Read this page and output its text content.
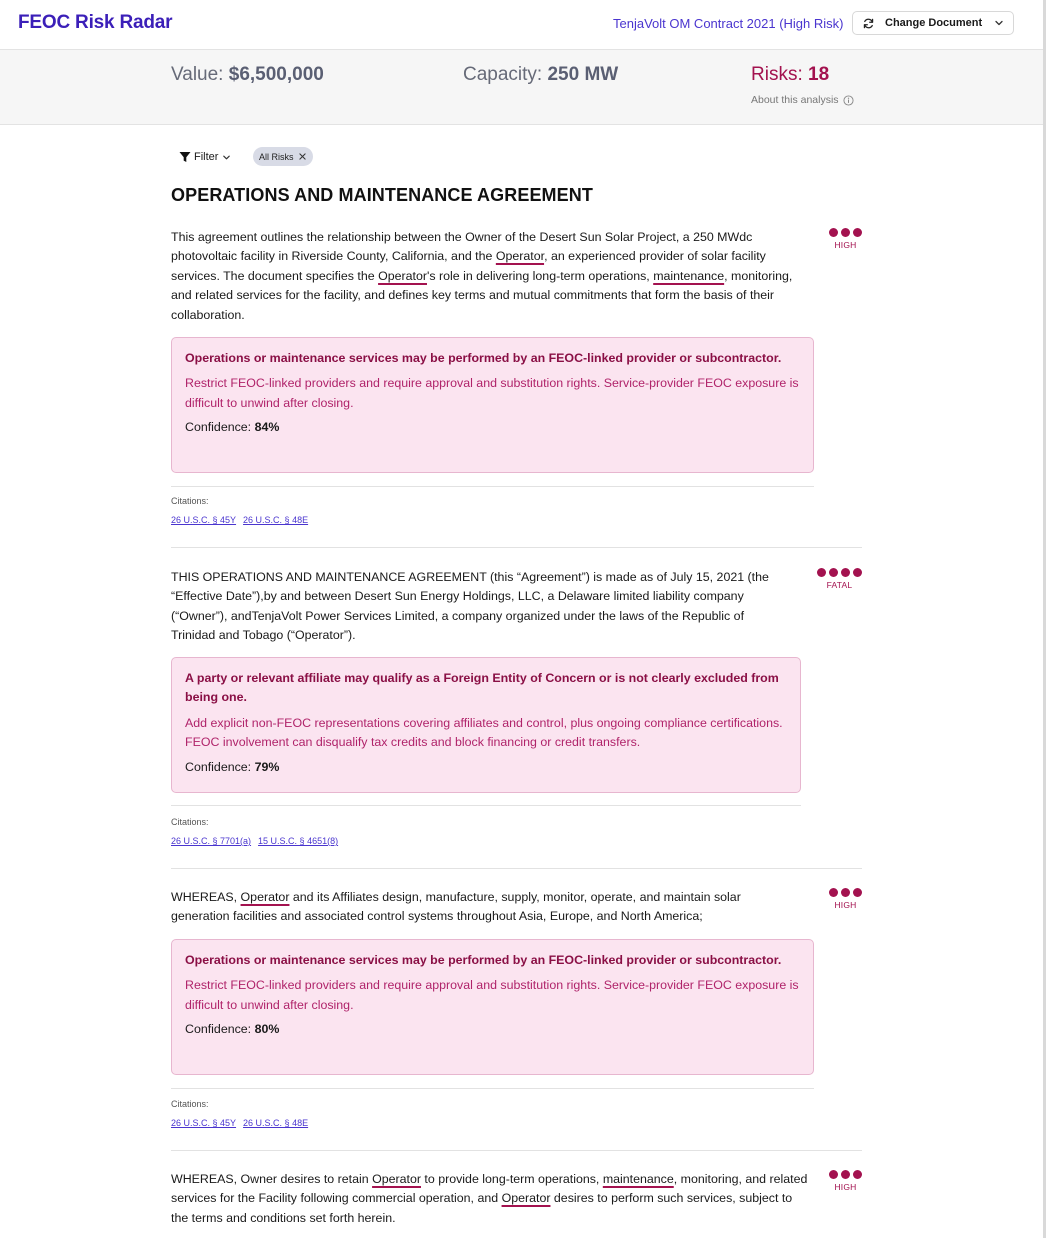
FEOC Risk Radar	TenjaVolt OM Contract 2021 (High Risk)	Change Document
Value: $6,500,000	Capacity: 250 MW	Risks: 18
About this analysis
Filter	All Risks
OPERATIONS AND MAINTENANCE AGREEMENT

This agreement outlines the relationship between the Owner of the Desert Sun Solar Project, a 250 MWdc photovoltaic facility in Riverside County, California, and the Operator, an experienced provider of solar facility services. The document specifies the Operator's role in delivering long-term operations, maintenance, monitoring, and related services for the facility, and defines key terms and mutual commitments that form the basis of their collaboration.

HIGH

Operations or maintenance services may be performed by an FEOC-linked provider or subcontractor.

Restrict FEOC-linked providers and require approval and substitution rights. Service-provider FEOC exposure is difficult to unwind after closing.

Confidence: 84%
Citations:
26 U.S.C. § 45Y 26 U.S.C. § 48E

THIS OPERATIONS AND MAINTENANCE AGREEMENT (this “Agreement”) is made as of July 15, 2021 (the “Effective Date”),by and between Desert Sun Energy Holdings, LLC, a Delaware limited liability company (“Owner”), andTenjaVolt Power Services Limited, a company organized under the laws of the Republic of Trinidad and Tobago (“Operator”).

FATAL

A party or relevant affiliate may qualify as a Foreign Entity of Concern or is not clearly excluded from being one.

Add explicit non-FEOC representations covering affiliates and control, plus ongoing compliance certifications. FEOC involvement can disqualify tax credits and block financing or credit transfers.

Confidence: 79%
Citations:
26 U.S.C. § 7701(a) 15 U.S.C. § 4651(8)

WHEREAS, Operator and its Affiliates design, manufacture, supply, monitor, operate, and maintain solar generation facilities and associated control systems throughout Asia, Europe, and North America;

HIGH

Operations or maintenance services may be performed by an FEOC-linked provider or subcontractor.

Restrict FEOC-linked providers and require approval and substitution rights. Service-provider FEOC exposure is difficult to unwind after closing.

Confidence: 80%
Citations:
26 U.S.C. § 45Y 26 U.S.C. § 48E

WHEREAS, Owner desires to retain Operator to provide long-term operations, maintenance, monitoring, and related services for the Facility following commercial operation, and Operator desires to perform such services, subject to the terms and conditions set forth herein.

HIGH
